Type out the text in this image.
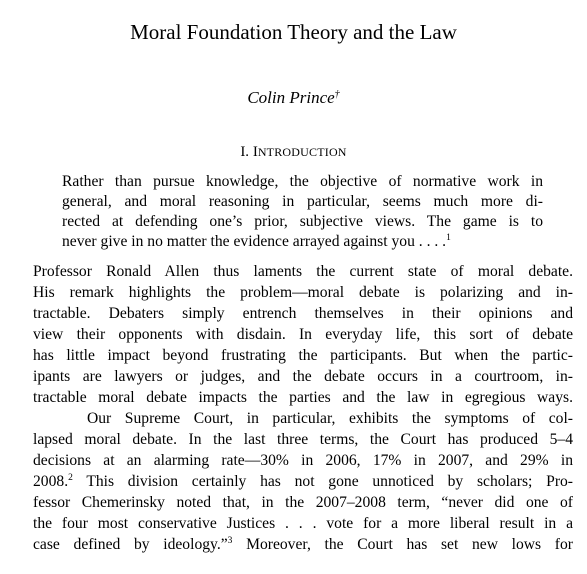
Moral Foundation Theory and the Law
Colin Prince†
I. INTRODUCTION
Rather than pursue knowledge, the objective of normative work in
general, and moral reasoning in particular, seems much more di-
rected at defending one’s prior, subjective views. The game is to
never give in no matter the evidence arrayed against you . . . .$^1$
Professor Ronald Allen thus laments the current state of moral debate.
His remark highlights the problem—moral debate is polarizing and in-
tractable. Debaters simply entrench themselves in their opinions and
view their opponents with disdain. In everyday life, this sort of debate
has little impact beyond frustrating the participants. But when the partic-
ipants are lawyers or judges, and the debate occurs in a courtroom, in-
tractable moral debate impacts the parties and the law in egregious ways.
Our Supreme Court, in particular, exhibits the symptoms of col-
lapsed moral debate. In the last three terms, the Court has produced 5–4
decisions at an alarming rate—30% in 2006, 17% in 2007, and 29% in
2008.$^2$ This division certainly has not gone unnoticed by scholars; Pro-
fessor Chemerinsky noted that, in the 2007–2008 term, “never did one of
the four most conservative Justices . . . vote for a more liberal result in a
case defined by ideology.”$^3$ Moreover, the Court has set new lows for
